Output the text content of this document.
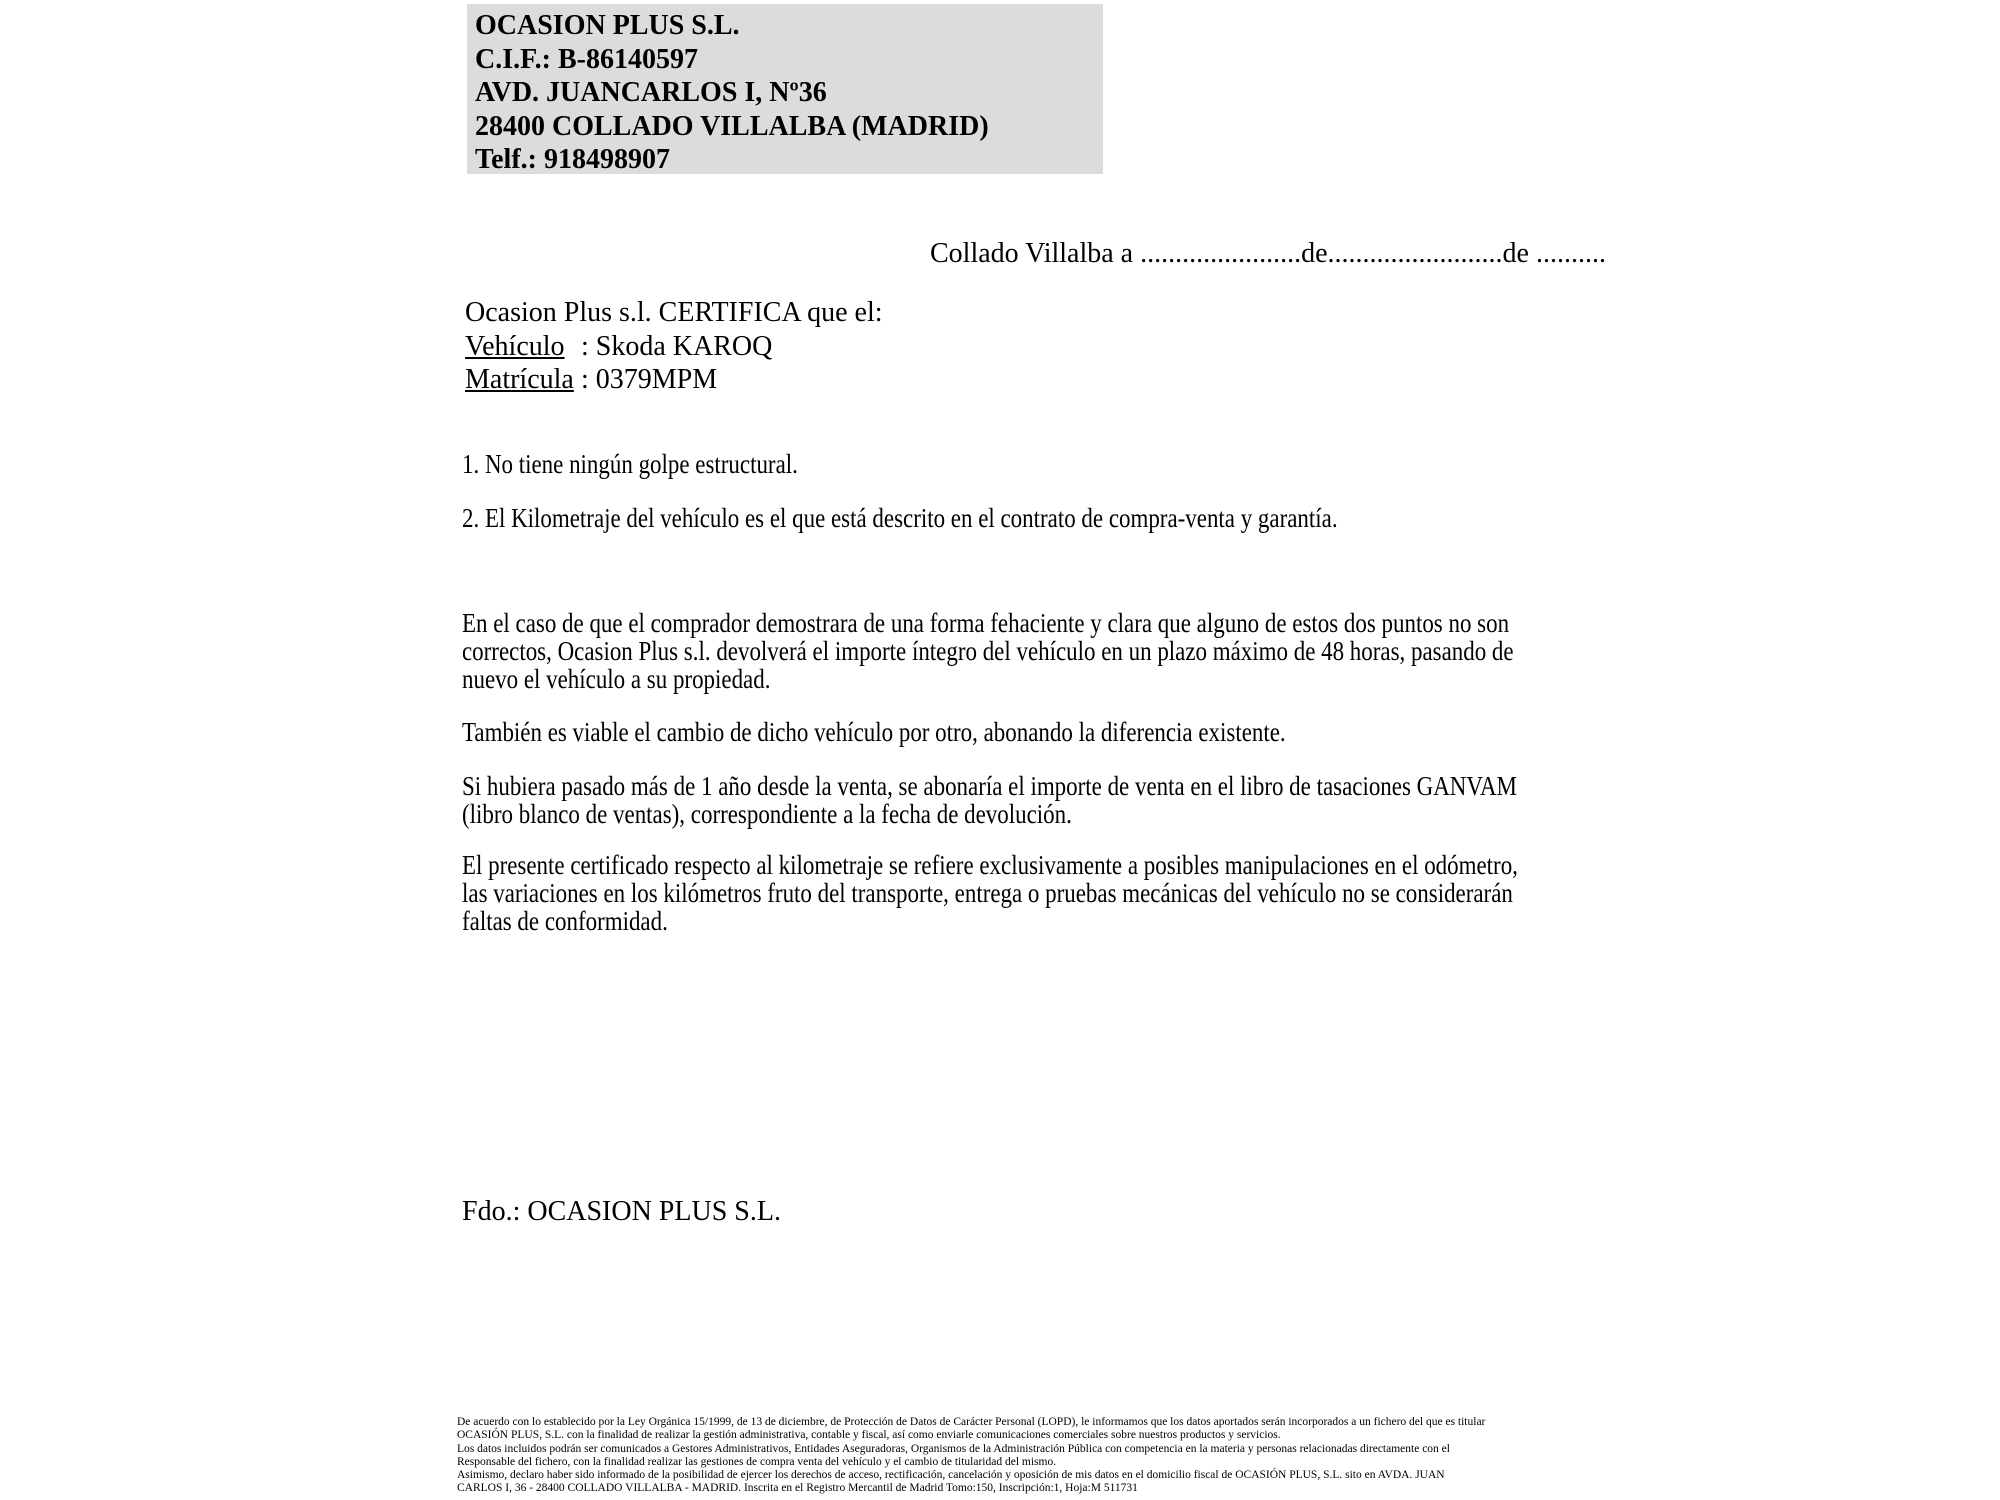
OCASION PLUS S.L.
C.I.F.: B-86140597
AVD. JUANCARLOS I, Nº36
28400 COLLADO VILLALBA (MADRID)
Telf.: 918498907
Collado Villalba a .......................de.........................de ..........
Ocasion Plus s.l. CERTIFICA que el:
Vehículo : Skoda KAROQ
Matrícula : 0379MPM
1. No tiene ningún golpe estructural.
2. El Kilometraje del vehículo es el que está descrito en el contrato de compra-venta y garantía.
En el caso de que el comprador demostrara de una forma fehaciente y clara que alguno de estos dos puntos no son correctos, Ocasion Plus s.l. devolverá el importe íntegro del vehículo en un plazo máximo de 48 horas, pasando de nuevo el vehículo a su propiedad.
También es viable el cambio de dicho vehículo por otro, abonando la diferencia existente.
Si hubiera pasado más de 1 año desde la venta, se abonaría el importe de venta en el libro de tasaciones GANVAM (libro blanco de ventas), correspondiente a la fecha de devolución.
El presente certificado respecto al kilometraje se refiere exclusivamente a posibles manipulaciones en el odómetro, las variaciones en los kilómetros fruto del transporte, entrega o pruebas mecánicas del vehículo no se considerarán faltas de conformidad.
Fdo.: OCASION PLUS S.L.
De acuerdo con lo establecido por la Ley Orgánica 15/1999, de 13 de diciembre, de Protección de Datos de Carácter Personal (LOPD), le informamos que los datos aportados serán incorporados a un fichero del que es titular
OCASIÓN PLUS, S.L. con la finalidad de realizar la gestión administrativa, contable y fiscal, así como enviarle comunicaciones comerciales sobre nuestros productos y servicios.
Los datos incluidos podrán ser comunicados a Gestores Administrativos, Entidades Aseguradoras, Organismos de la Administración Pública con competencia en la materia y personas relacionadas directamente con el
Responsable del fichero, con la finalidad realizar las gestiones de compra venta del vehículo y el cambio de titularidad del mismo.
Asimismo, declaro haber sido informado de la posibilidad de ejercer los derechos de acceso, rectificación, cancelación y oposición de mis datos en el domicilio fiscal de OCASIÓN PLUS, S.L. sito en AVDA. JUAN
CARLOS I, 36 - 28400 COLLADO VILLALBA - MADRID. Inscrita en el Registro Mercantil de Madrid Tomo:150, Inscripción:1, Hoja:M 511731
